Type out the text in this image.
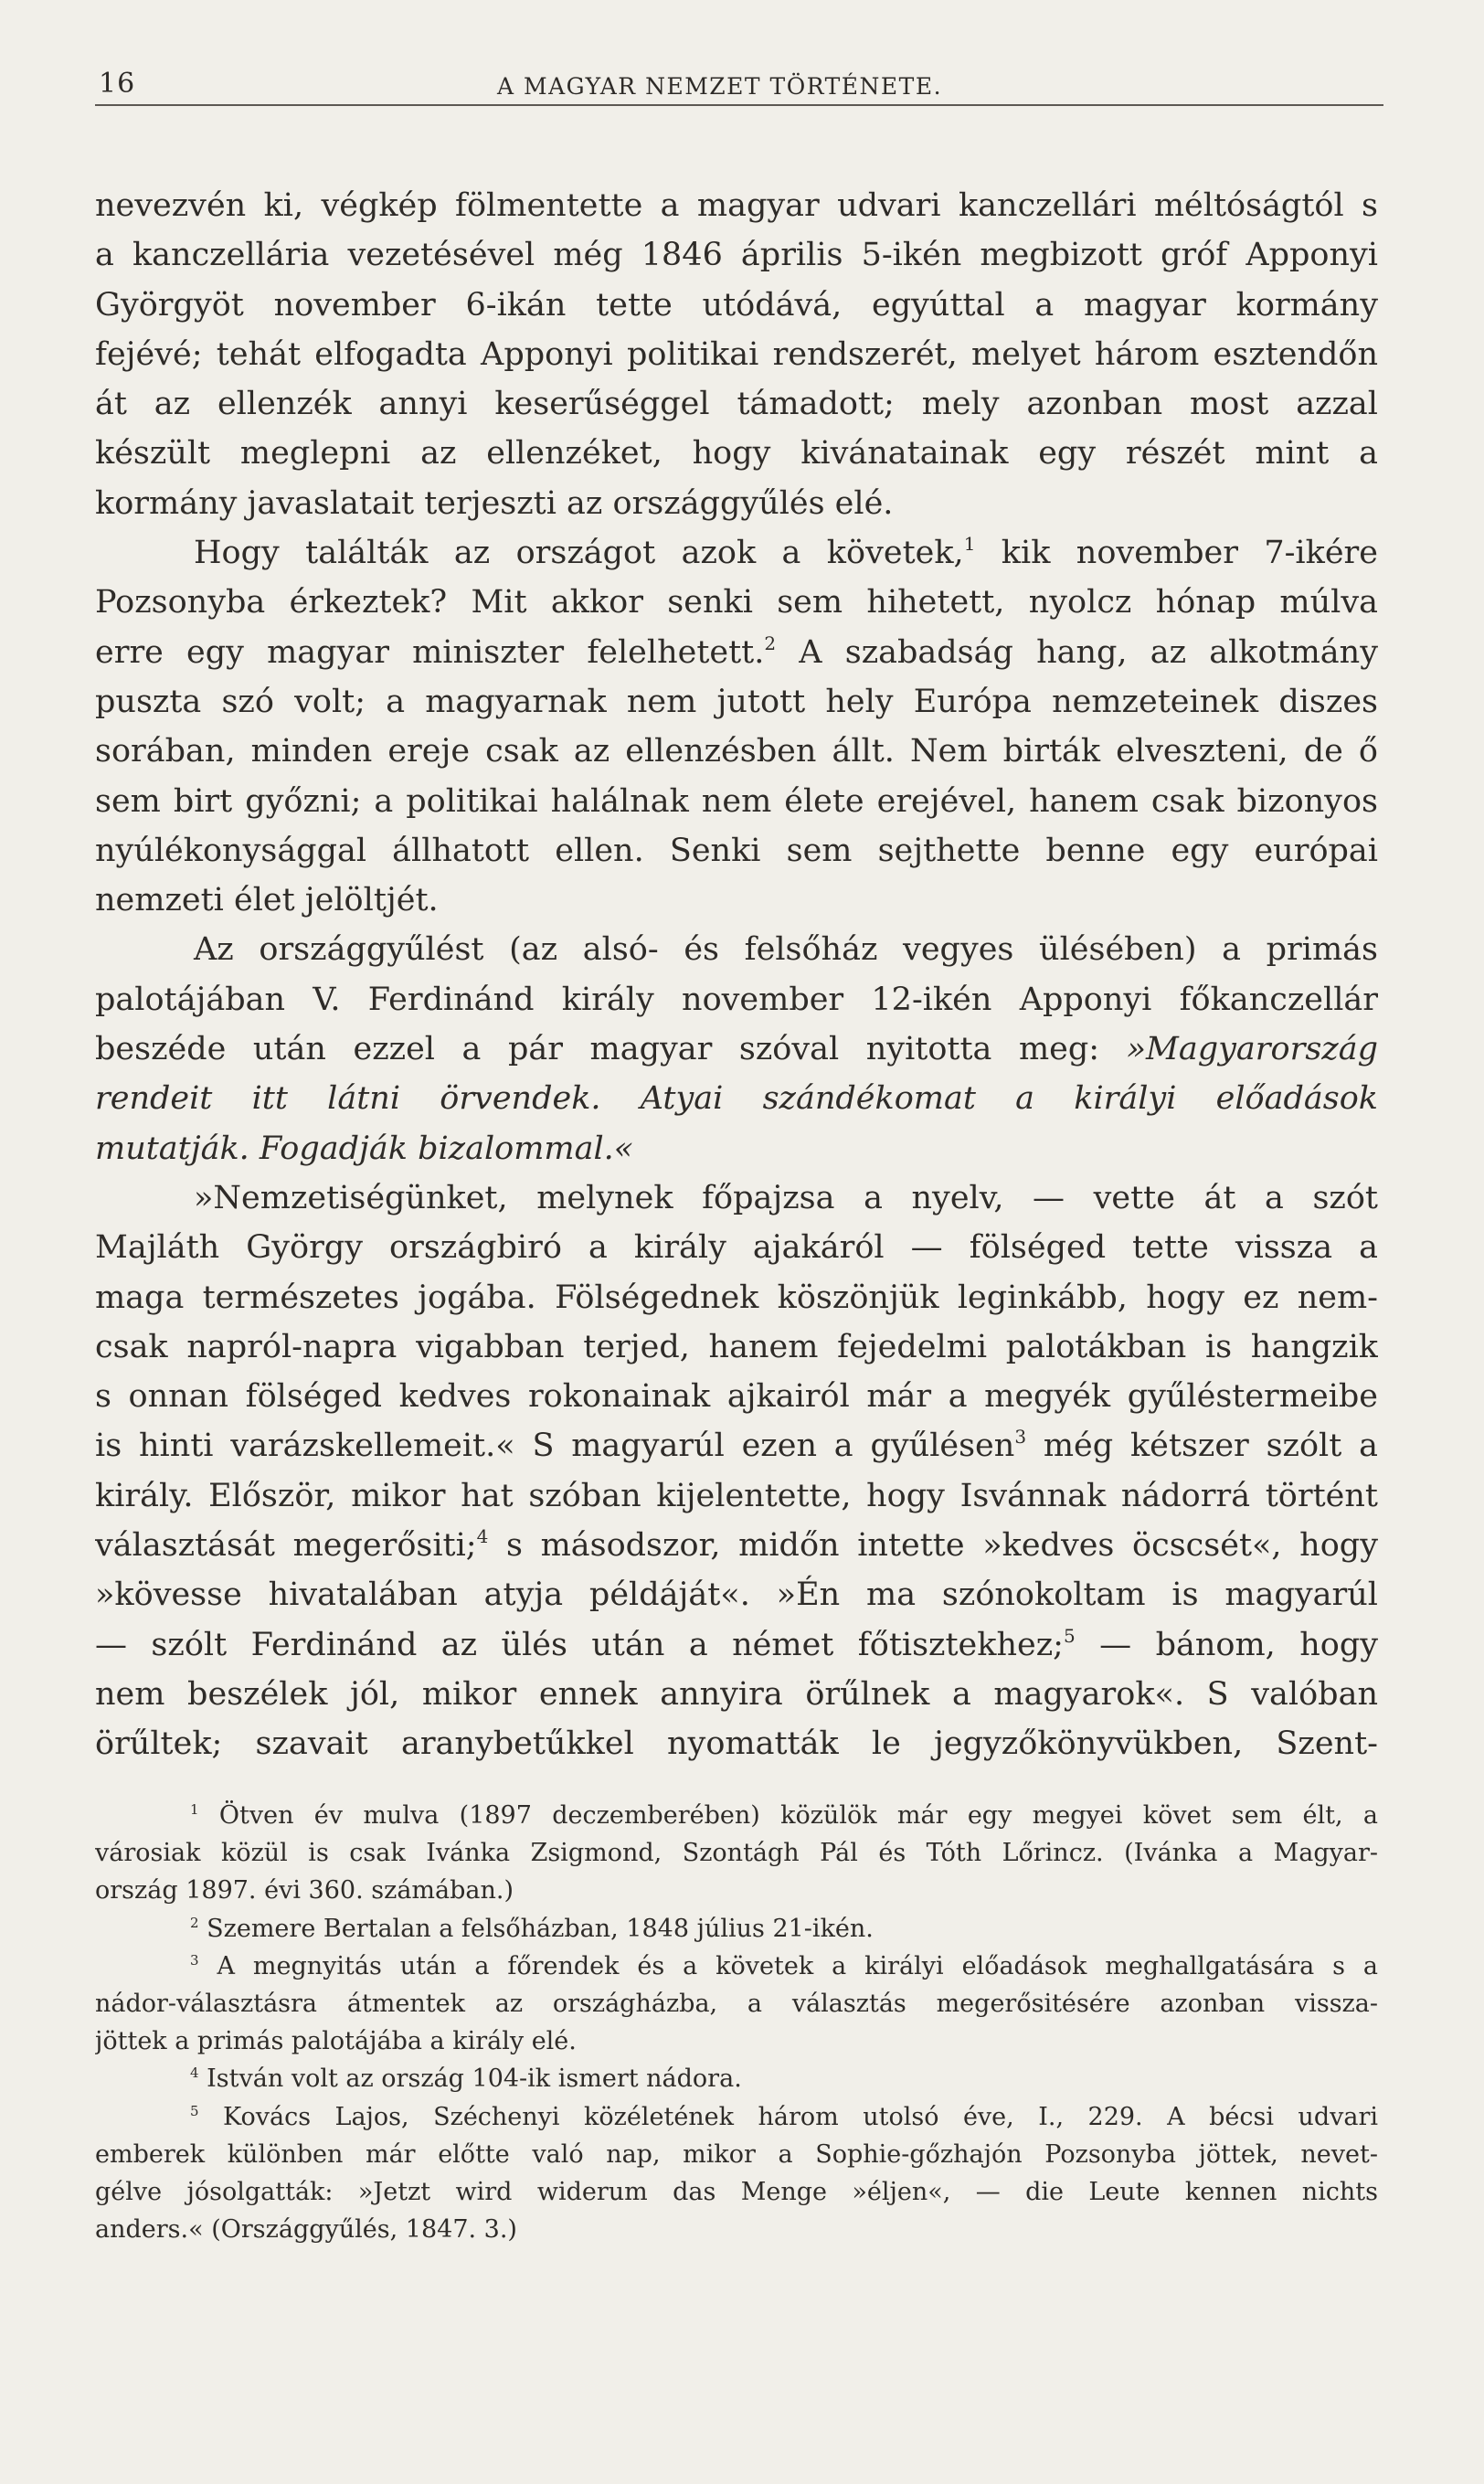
16	A MAGYAR NEMZET TÖRTÉNETE.
nevezvén ki, végkép fölmentette a magyar udvari kanczellári méltóságtól s
a kanczellária vezetésével még 1846 április 5-ikén megbizott gróf Apponyi
Györgyöt november 6-ikán tette utódává, egyúttal a magyar kormány
fejévé; tehát elfogadta Apponyi politikai rendszerét, melyet három esztendőn
át az ellenzék annyi keserűséggel támadott; mely azonban most azzal
készült meglepni az ellenzéket, hogy kivánatainak egy részét mint a
kormány javaslatait terjeszti az országgyűlés elé.
Hogy találták az országot azok a követek,$^1$ kik november 7-ikére
Pozsonyba érkeztek? Mit akkor senki sem hihetett, nyolcz hónap múlva
erre egy magyar miniszter felelhetett.$^2$ A szabadság hang, az alkotmány
puszta szó volt; a magyarnak nem jutott hely Európa nemzeteinek diszes
sorában, minden ereje csak az ellenzésben állt. Nem birták elveszteni, de ő
sem birt győzni; a politikai halálnak nem élete erejével, hanem csak bizonyos
nyúlékonysággal állhatott ellen. Senki sem sejthette benne egy európai
nemzeti élet jelöltjét.
Az országgyűlést (az alsó- és felsőház vegyes ülésében) a primás
palotájában V. Ferdinánd király november 12-ikén Apponyi főkanczellár
beszéde után ezzel a pár magyar szóval nyitotta meg: »Magyarország
rendeit itt látni örvendek. Atyai szándékomat a királyi előadások
mutatják. Fogadják bizalommal.«
»Nemzetiségünket, melynek főpajzsa a nyelv, — vette át a szót
Majláth György országbiró a király ajakáról — fölséged tette vissza a
maga természetes jogába. Fölségednek köszönjük leginkább, hogy ez nem-
csak napról-napra vigabban terjed, hanem fejedelmi palotákban is hangzik
s onnan fölséged kedves rokonainak ajkairól már a megyék gyűléstermeibe
is hinti varázskellemeit.« S magyarúl ezen a gyűlésen$^3$ még kétszer szólt a
király. Először, mikor hat szóban kijelentette, hogy Isvánnak nádorrá történt
választását megerősiti;$^4$ s másodszor, midőn intette »kedves öcscsét«, hogy
»kövesse hivatalában atyja példáját«. »Én ma szónokoltam is magyarúl
— szólt Ferdinánd az ülés után a német főtisztekhez;$^5$ — bánom, hogy
nem beszélek jól, mikor ennek annyira örűlnek a magyarok«. S valóban
örűltek; szavait aranybetűkkel nyomatták le jegyzőkönyvükben, Szent-
$^1$ Ötven év mulva (1897 deczemberében) közülök már egy megyei követ sem élt, a
városiak közül is csak Ivánka Zsigmond, Szontágh Pál és Tóth Lőrincz. (Ivánka a Magyar-
ország 1897. évi 360. számában.)
$^2$ Szemere Bertalan a felsőházban, 1848 július 21-ikén.
$^3$ A megnyitás után a főrendek és a követek a királyi előadások meghallgatására s a
nádor-választásra átmentek az országházba, a választás megerősitésére azonban vissza-
jöttek a primás palotájába a király elé.
$^4$ István volt az ország 104-ik ismert nádora.
$^5$ Kovács Lajos, Széchenyi közéletének három utolsó éve, I., 229. A bécsi udvari
emberek különben már előtte való nap, mikor a Sophie-gőzhajón Pozsonyba jöttek, nevet-
gélve jósolgatták: »Jetzt wird widerum das Menge »éljen«, — die Leute kennen nichts
anders.« (Országgyűlés, 1847. 3.)
